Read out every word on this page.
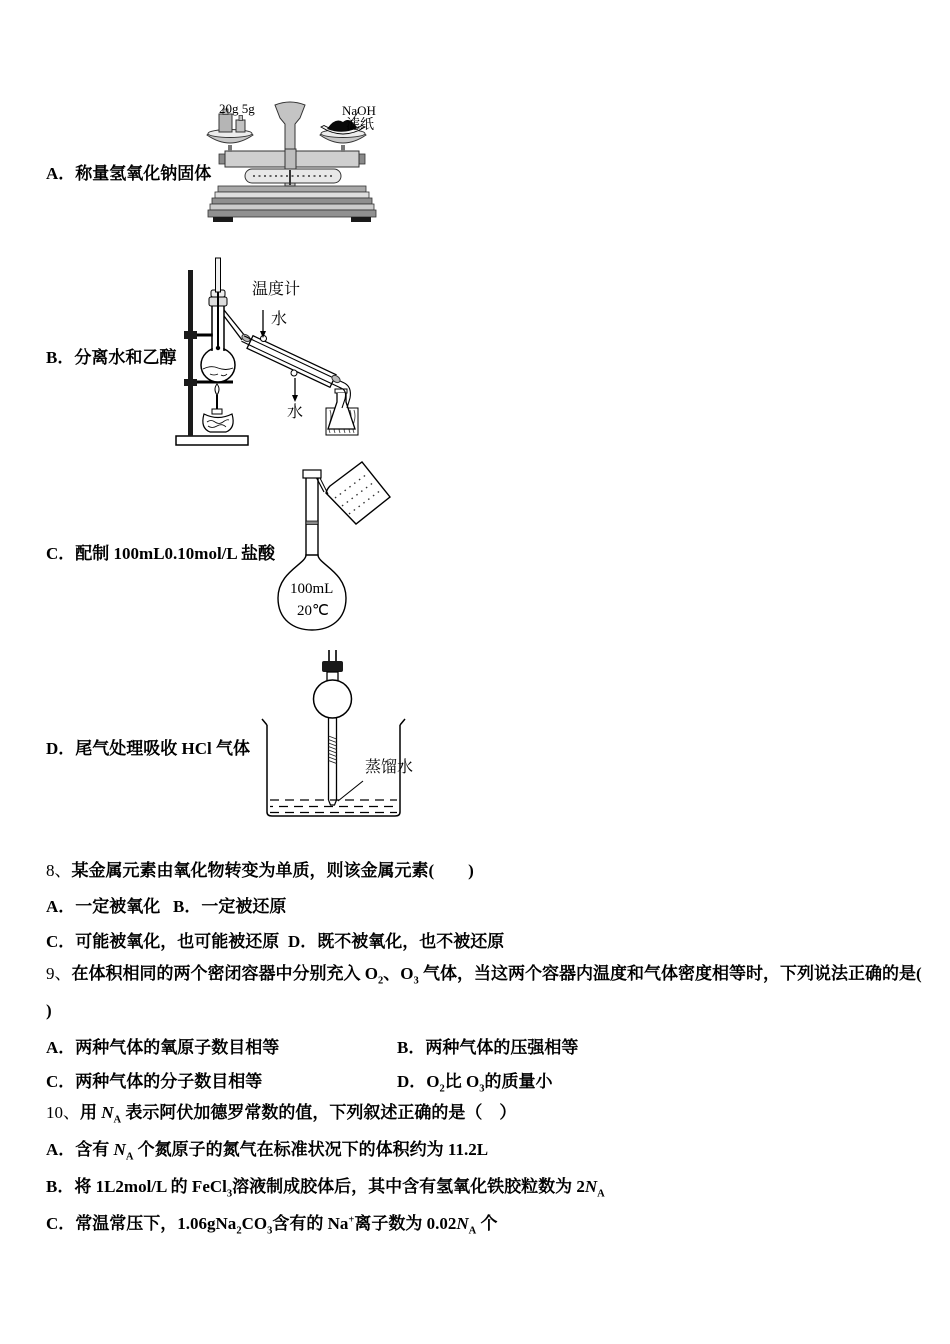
A．称量氢氧化钠固体
20g 5g	NaOH
滤纸
B．分离水和乙醇
温度计
水
水
C．配制 100mL0.10mol/L 盐酸
100mL
20℃
D．尾气处理吸收 HCl 气体
蒸馏水
8、某金属元素由氧化物转变为单质，则该金属元素(　　)
A．一定被氧化 B．一定被还原
C．可能被氧化，也可能被还原 D．既不被氧化，也不被还原
9、在体积相同的两个密闭容器中分别充入 $O_2$、$O_3$ 气体，当这两个容器内温度和气体密度相等时，下列说法正确的是(
)
A．两种气体的氧原子数目相等	B．两种气体的压强相等
C．两种气体的分子数目相等	D．$O_2$比 $O_3$的质量小
10、用 $N_A$ 表示阿伏加德罗常数的值，下列叙述正确的是（　）
A．含有 $N_A$ 个氮原子的氮气在标准状况下的体积约为 11.2L
B．将 1L2mol/L 的 FeCl$_3$溶液制成胶体后，其中含有氢氧化铁胶粒数为 $2N_A$
C．常温常压下，$1.06gNa_2CO_3$含有的 Na+离子数为 $0.02N_A$ 个
